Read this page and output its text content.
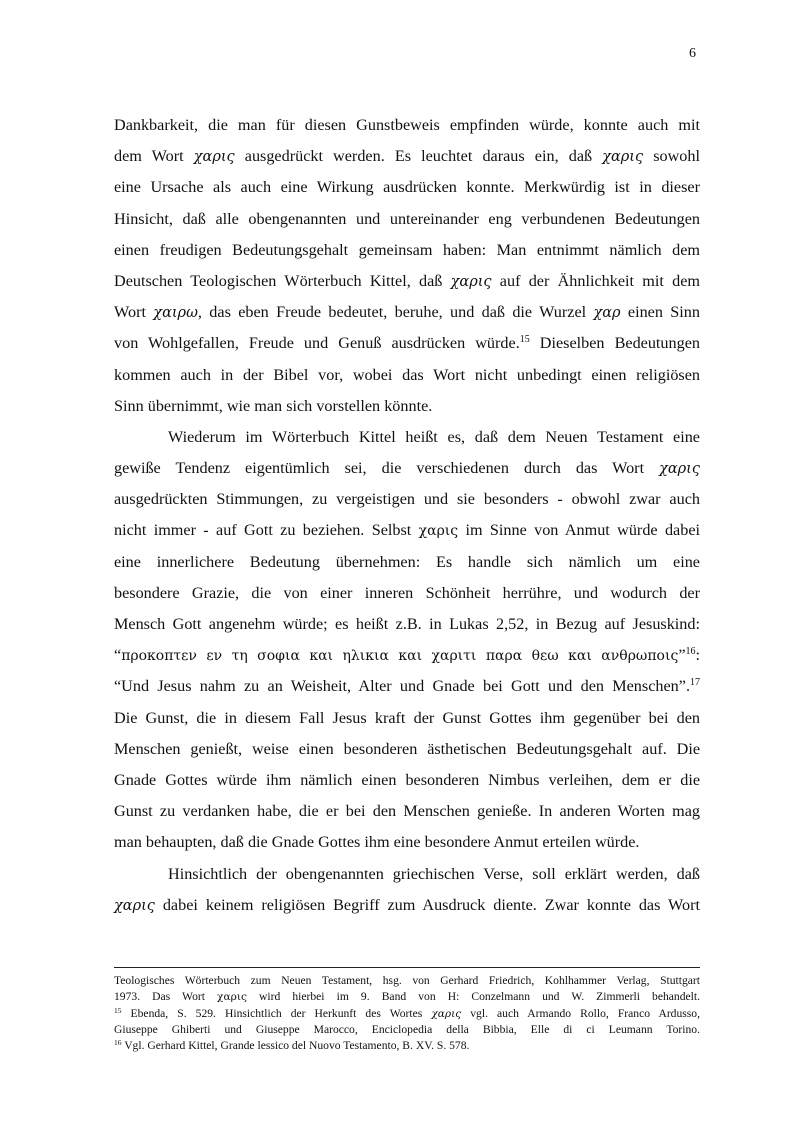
6
Dankbarkeit, die man für diesen Gunstbeweis empfinden würde, konnte auch mit
dem Wort χαρις ausgedrückt werden. Es leuchtet daraus ein, daß χαρις sowohl
eine Ursache als auch eine Wirkung ausdrücken konnte. Merkwürdig ist in dieser
Hinsicht, daß alle obengenannten und untereinander eng verbundenen Bedeutungen
einen freudigen Bedeutungsgehalt gemeinsam haben: Man entnimmt nämlich dem
Deutschen Teologischen Wörterbuch Kittel, daß χαρις auf der Ähnlichkeit mit dem
Wort χαιρω, das eben Freude bedeutet, beruhe, und daß die Wurzel χαρ einen Sinn
von Wohlgefallen, Freude und Genuß ausdrücken würde.$^{15}$ Dieselben Bedeutungen
kommen auch in der Bibel vor, wobei das Wort nicht unbedingt einen religiösen
Sinn übernimmt, wie man sich vorstellen könnte.
Wiederum im Wörterbuch Kittel heißt es, daß dem Neuen Testament eine
gewiße Tendenz eigentümlich sei, die verschiedenen durch das Wort χαρις
ausgedrückten Stimmungen, zu vergeistigen und sie besonders - obwohl zwar auch
nicht immer - auf Gott zu beziehen. Selbst χαρις im Sinne von Anmut würde dabei
eine innerlichere Bedeutung übernehmen: Es handle sich nämlich um eine
besondere Grazie, die von einer inneren Schönheit herrühre, und wodurch der
Mensch Gott angenehm würde; es heißt z.B. in Lukas 2,52, in Bezug auf Jesuskind:
“προκοπτεν εν τη σοφια και ηλικια και χαριτι παρα θεω και ανθρωποις”$^{16}$:
“Und Jesus nahm zu an Weisheit, Alter und Gnade bei Gott und den Menschen”.$^{17}$
Die Gunst, die in diesem Fall Jesus kraft der Gunst Gottes ihm gegenüber bei den
Menschen genießt, weise einen besonderen ästhetischen Bedeutungsgehalt auf. Die
Gnade Gottes würde ihm nämlich einen besonderen Nimbus verleihen, dem er die
Gunst zu verdanken habe, die er bei den Menschen genieße. In anderen Worten mag
man behaupten, daß die Gnade Gottes ihm eine besondere Anmut erteilen würde.
Hinsichtlich der obengenannten griechischen Verse, soll erklärt werden, daß
χαρις dabei keinem religiösen Begriff zum Ausdruck diente. Zwar konnte das Wort
Teologisches Wörterbuch zum Neuen Testament, hsg. von Gerhard Friedrich, Kohlhammer Verlag, Stuttgart
1973. Das Wort χαρις wird hierbei im 9. Band von H: Conzelmann und W. Zimmerli behandelt.
$^{15}$ Ebenda, S. 529. Hinsichtlich der Herkunft des Wortes χαρις vgl. auch Armando Rollo, Franco Ardusso,
Giuseppe Ghiberti und Giuseppe Marocco, Enciclopedia della Bibbia, Elle di ci Leumann Torino.
$^{16}$ Vgl. Gerhard Kittel, Grande lessico del Nuovo Testamento, B. XV. S. 578.
